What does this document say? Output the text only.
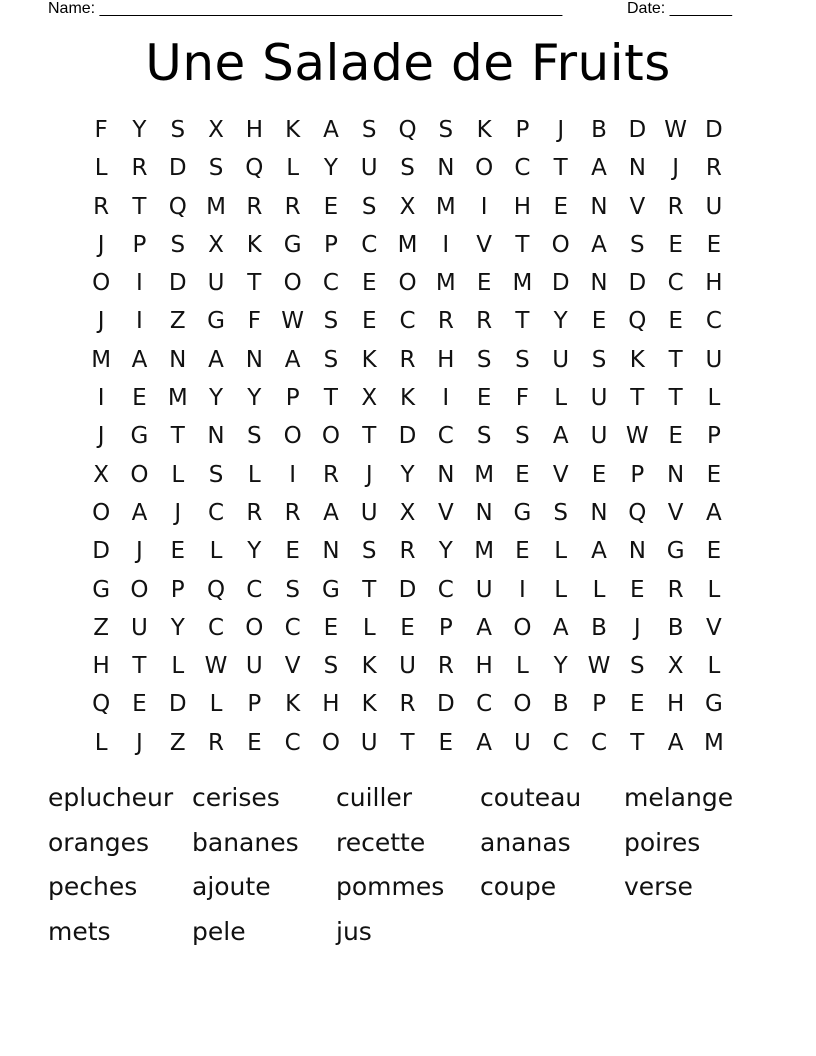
Name: ____________________________________________________	Date: _______
Une Salade de Fruits
F	Y	S	X H K A	S Q S	K	P	J	B D W D
L	R D S Q L	Y U S N O C	T	A N	J	R
R	T Q M R R	E	S	X M	I	H E N V R U
J	P	S	X K G P	C M	I	V	T O A	S	E	E
O	I	D U T O C	E O M E M D N D C H
J	I	Z G F W S	E C R R	T	Y	E Q E C
M A N A N A	S	K R H S	S U S	K	T U
I	E M Y	Y	P	T	X K	I	E	F	L	U T	T	L
J	G T N S O O T D C S	S	A U W E	P
X O L	S	L	I	R	J	Y N M E	V	E	P N E
O A	J	C R R A U X V N G S N Q V A
D	J	E	L	Y	E N S	R	Y M E	L	A N G E
G O P Q C S G T D C U	I	L	L	E	R	L
Z U Y	C O C	E	L	E	P	A O A B	J	B V
H T	L W U V	S	K U R H	L	Y W S	X	L
Q E D	L	P	K H K R D C O B	P	E H G
L	J	Z R	E C O U T	E	A U C C	T	A M
eplucheur cerises	cuiller	couteau	melange
oranges	bananes	recette	ananas	poires
peches	ajoute	pommes	coupe	verse
mets	pele	jus
